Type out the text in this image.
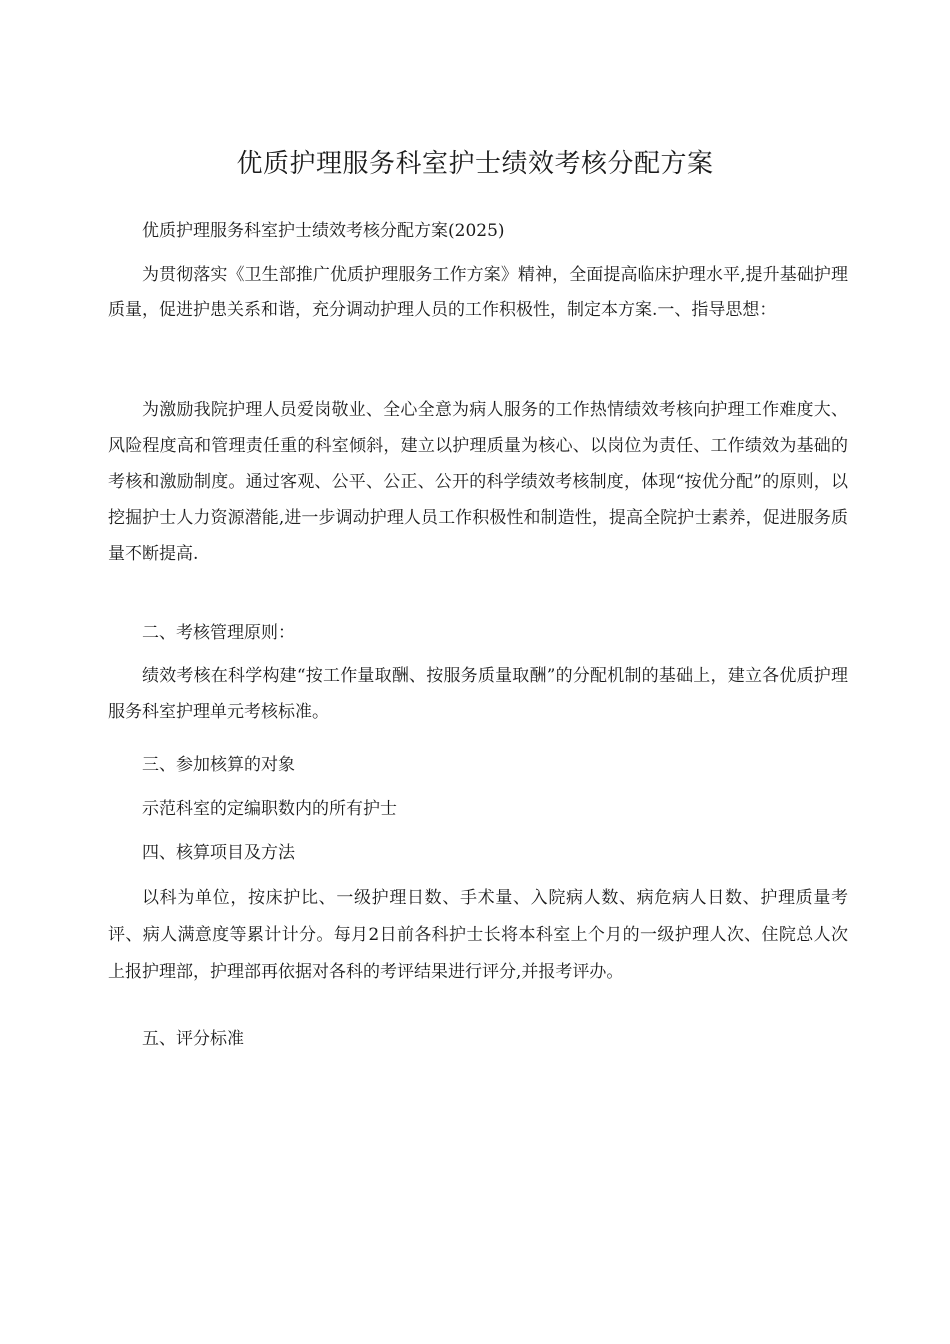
优质护理服务科室护士绩效考核分配方案

优质护理服务科室护士绩效考核分配方案(2025)

为贯彻落实《卫生部推广优质护理服务工作方案》精神，全面提高临床护理水平,提升基础护理质量，促进护患关系和谐，充分调动护理人员的工作积极性，制定本方案.一、指导思想：

为激励我院护理人员爱岗敬业、全心全意为病人服务的工作热情绩效考核向护理工作难度大、风险程度高和管理责任重的科室倾斜，建立以护理质量为核心、以岗位为责任、工作绩效为基础的考核和激励制度。通过客观、公平、公正、公开的科学绩效考核制度，体现“按优分配”的原则，以挖掘护士人力资源潜能,进一步调动护理人员工作积极性和制造性，提高全院护士素养，促进服务质量不断提高.

二、考核管理原则：

绩效考核在科学构建“按工作量取酬、按服务质量取酬”的分配机制的基础上，建立各优质护理服务科室护理单元考核标准。

三、参加核算的对象

示范科室的定编职数内的所有护士

四、核算项目及方法

以科为单位，按床护比、一级护理日数、手术量、入院病人数、病危病人日数、护理质量考评、病人满意度等累计计分。每月2日前各科护士长将本科室上个月的一级护理人次、住院总人次上报护理部，护理部再依据对各科的考评结果进行评分,并报考评办。

五、评分标准
